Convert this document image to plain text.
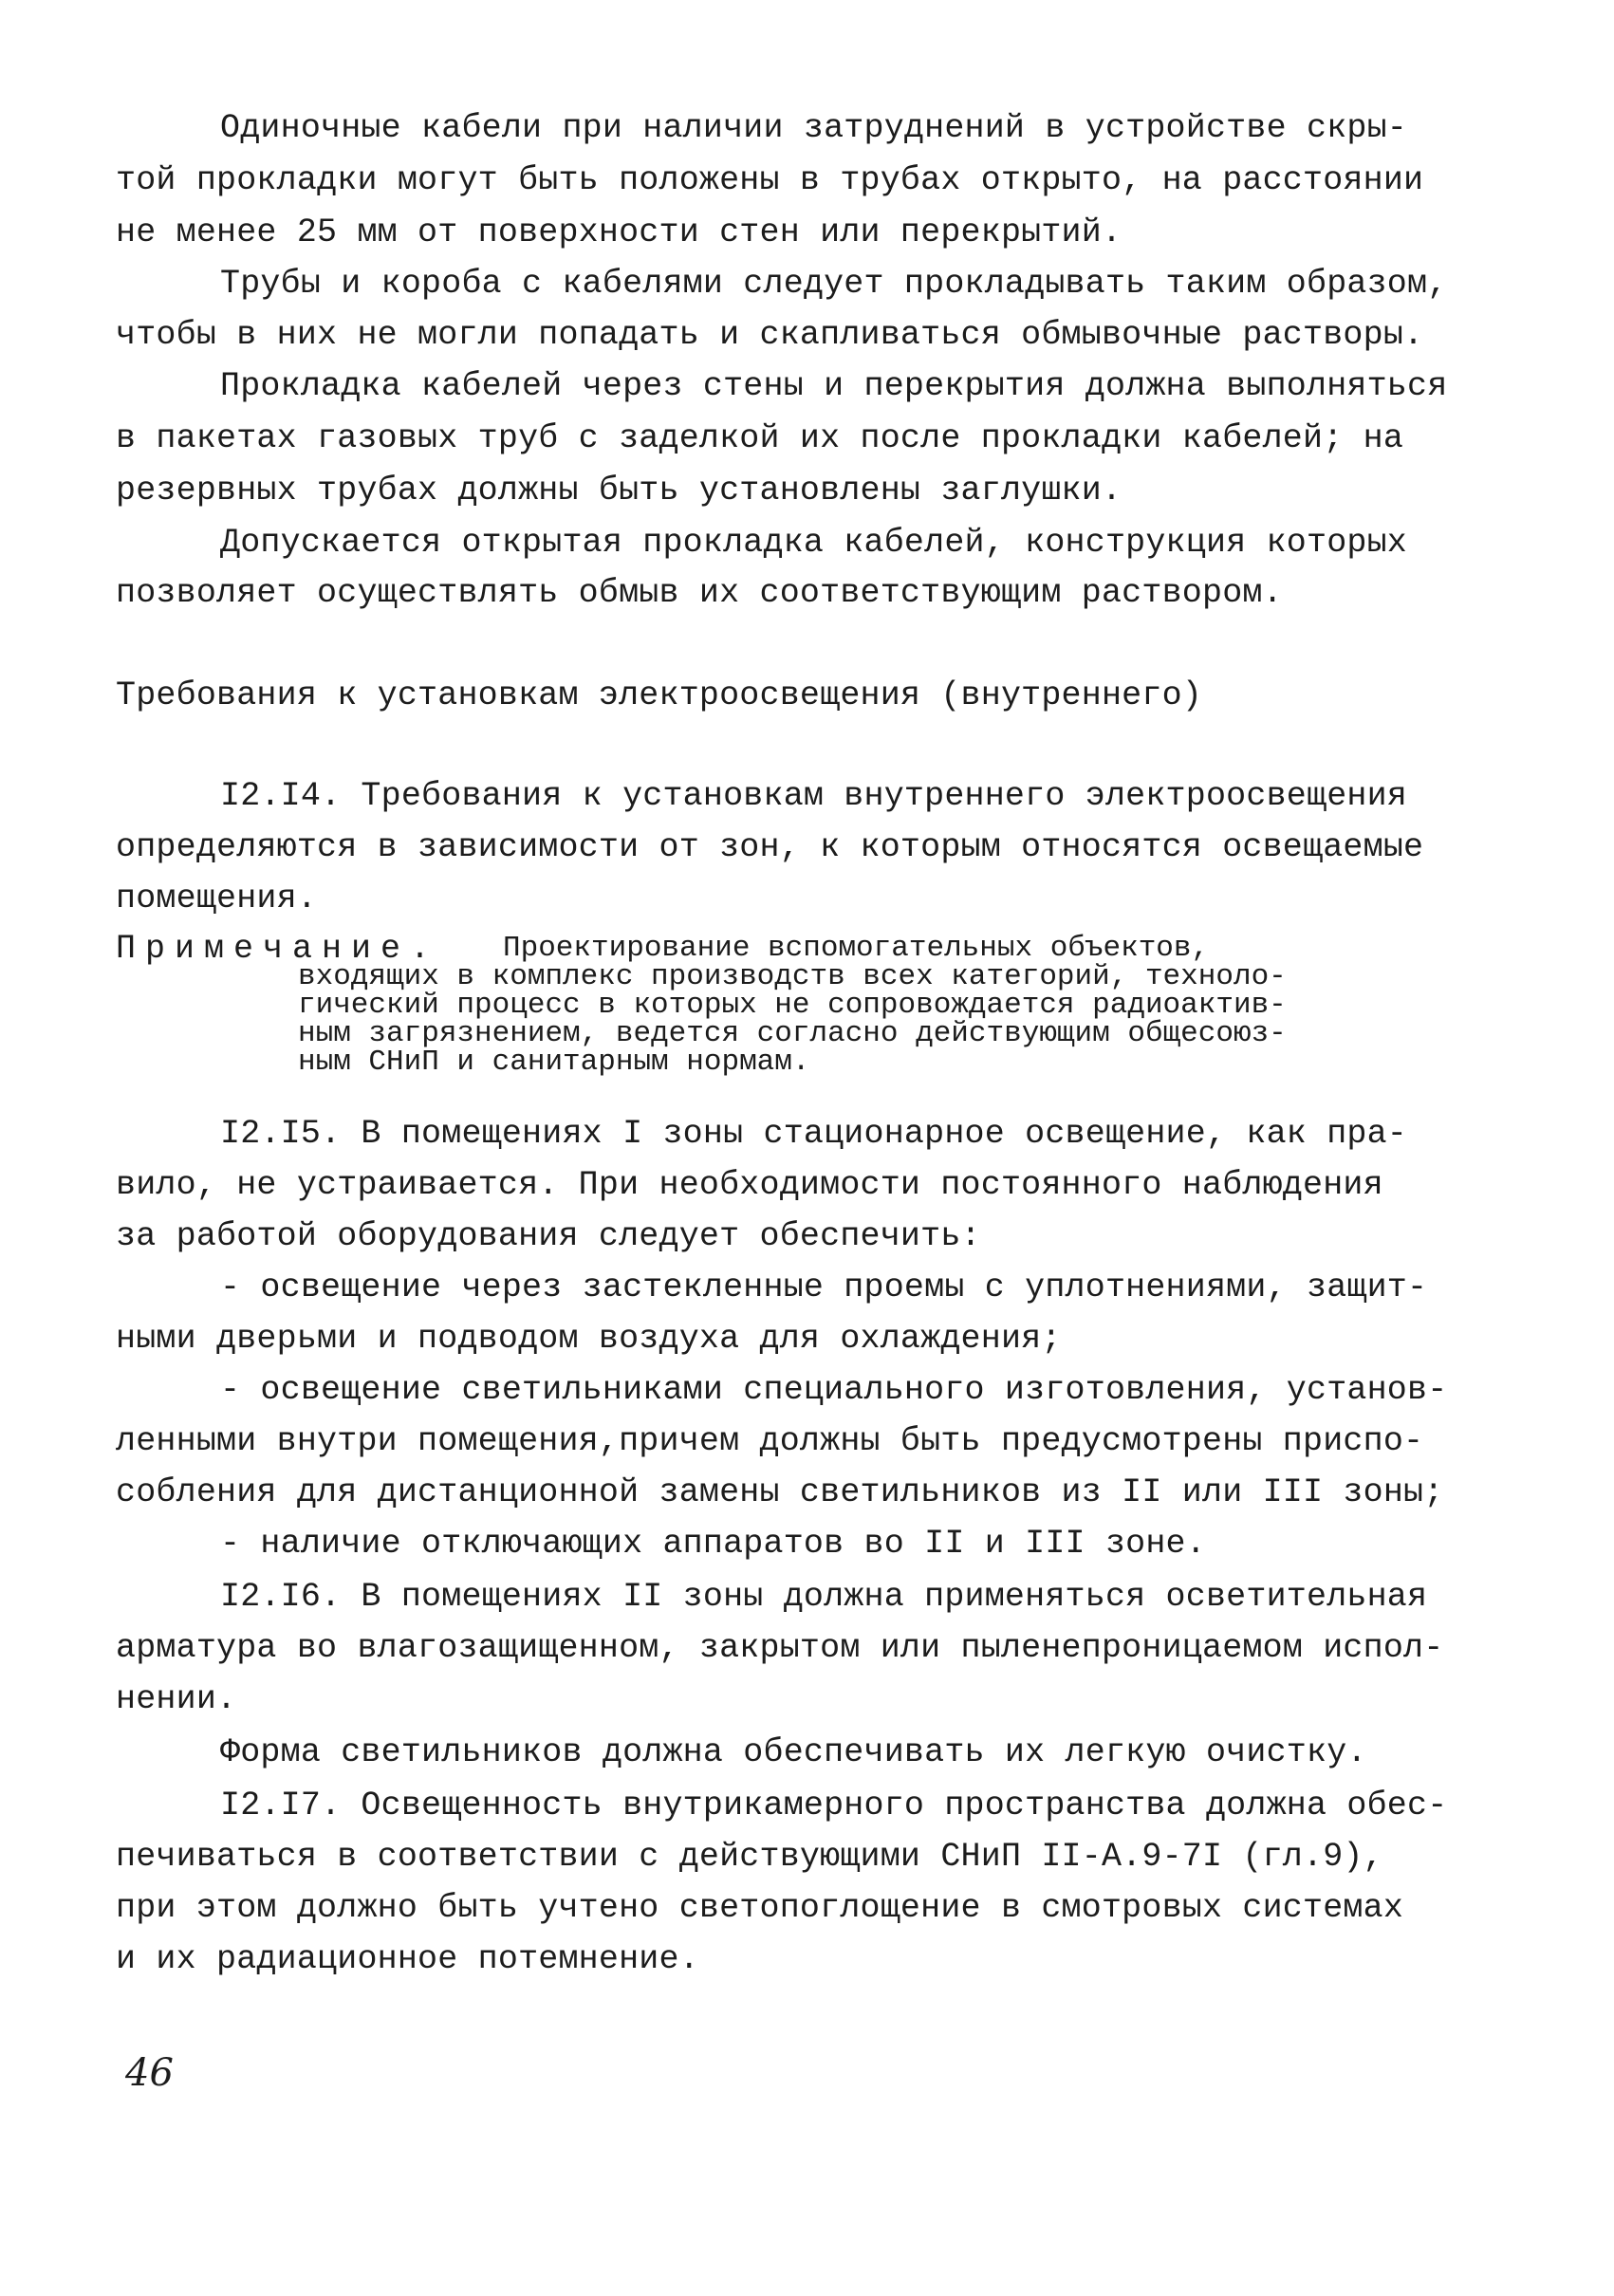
Одиночные кабели при наличии затруднений в устройстве скры-
той прокладки могут быть положены в трубах открыто, на расстоянии
не менее 25 мм от поверхности стен или перекрытий.
Трубы и короба с кабелями следует прокладывать таким образом,
чтобы в них не могли попадать и скапливаться обмывочные растворы.
Прокладка кабелей через стены и перекрытия должна выполняться
в пакетах газовых труб с заделкой их после прокладки кабелей; на
резервных трубах должны быть установлены заглушки.
Допускается открытая прокладка кабелей, конструкция которых
позволяет осуществлять обмыв их соответствующим раствором.
Требования к установкам электроосвещения (внутреннего)
I2.I4. Требования к установкам внутреннего электроосвещения
определяются в зависимости от зон, к которым относятся освещаемые
помещения.
Примечание. Проектирование вспомогательных объектов,
входящих в комплекс производств всех категорий, техноло-
гический процесс в которых не сопровождается радиоактив-
ным загрязнением, ведется согласно действующим общесоюз-
ным СНиП и санитарным нормам.
I2.I5. В помещениях I зоны стационарное освещение, как пра-
вило, не устраивается. При необходимости постоянного наблюдения
за работой оборудования следует обеспечить:
- освещение через застекленные проемы с уплотнениями, защит-
ными дверьми и подводом воздуха для охлаждения;
- освещение светильниками специального изготовления, установ-
ленными внутри помещения,причем должны быть предусмотрены приспо-
собления для дистанционной замены светильников из II или III зоны;
- наличие отключающих аппаратов во II и III зоне.
I2.I6. В помещениях II зоны должна применяться осветительная
арматура во влагозащищенном, закрытом или пыленепроницаемом испол-
нении.
Форма светильников должна обеспечивать их легкую очистку.
I2.I7. Освещенность внутрикамерного пространства должна обес-
печиваться в соответствии с действующими СНиП II-А.9-7I (гл.9),
при этом должно быть учтено светопоглощение в смотровых системах
и их радиационное потемнение.
46
